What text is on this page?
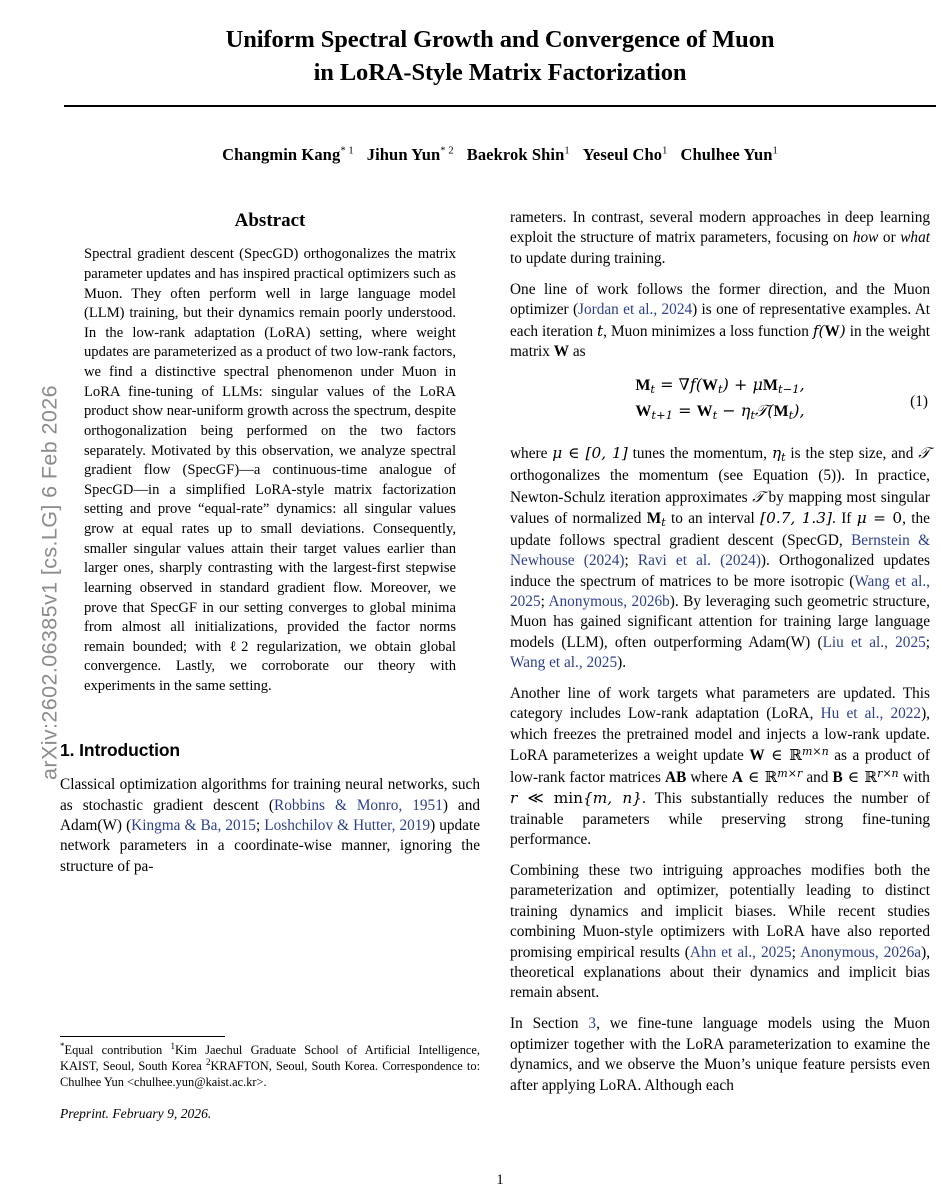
arXiv:2602.06385v1 [cs.LG] 6 Feb 2026
Uniform Spectral Growth and Convergence of Muon
in LoRA-Style Matrix Factorization
Changmin Kang$^{* 1}$ Jihun Yun$^{* 2}$ Baekrok Shin$^1$ Yeseul Cho$^1$ Chulhee Yun$^1$
Abstract
Spectral gradient descent (SpecGD) orthogonalizes the matrix parameter updates and has inspired practical optimizers such as Muon. They often perform well in large language model (LLM) training, but their dynamics remain poorly understood. In the low-rank adaptation (LoRA) setting, where weight updates are parameterized as a product of two low-rank factors, we find a distinctive spectral phenomenon under Muon in LoRA fine-tuning of LLMs: singular values of the LoRA product show near-uniform growth across the spectrum, despite orthogonalization being performed on the two factors separately. Motivated by this observation, we analyze spectral gradient flow (SpecGF)—a continuous-time analogue of SpecGD—in a simplified LoRA-style matrix factorization setting and prove “equal-rate” dynamics: all singular values grow at equal rates up to small deviations. Consequently, smaller singular values attain their target values earlier than larger ones, sharply contrasting with the largest-first stepwise learning observed in standard gradient flow. Moreover, we prove that SpecGF in our setting converges to global minima from almost all initializations, provided the factor norms remain bounded; with ℓ2 regularization, we obtain global convergence. Lastly, we corroborate our theory with experiments in the same setting.
1. Introduction

Classical optimization algorithms for training neural networks, such as stochastic gradient descent (Robbins & Monro, 1951) and Adam(W) (Kingma & Ba, 2015; Loshchilov & Hutter, 2019) update network parameters in a coordinate-wise manner, ignoring the structure of pa-

rameters. In contrast, several modern approaches in deep learning exploit the structure of matrix parameters, focusing on how or what to update during training.

One line of work follows the former direction, and the Muon optimizer (Jordan et al., 2024) is one of representative examples. At each iteration t, Muon minimizes a loss function f(W) in the weight matrix W as

$M_t = \nabla f(W_t) + \mu M_{t-1}$,
$W_{t+1} = W_t$ − $\eta_t𝒯(M_t)$,	(1)

where μ ∈ [0, 1] tunes the momentum, $\eta_t$ is the step size, and 𝒯 orthogonalizes the momentum (see Equation (5)). In practice, Newton-Schulz iteration approximates 𝒯 by mapping most singular values of normalized $M_t$ to an interval [0.7, 1.3]. If μ = 0, the update follows spectral gradient descent (SpecGD, Bernstein & Newhouse (2024); Ravi et al. (2024)). Orthogonalized updates induce the spectrum of matrices to be more isotropic (Wang et al., 2025; Anonymous, 2026b). By leveraging such geometric structure, Muon has gained significant attention for training large language models (LLM), often outperforming Adam(W) (Liu et al., 2025; Wang et al., 2025).

Another line of work targets what parameters are updated. This category includes Low-rank adaptation (LoRA, Hu et al., 2022), which freezes the pretrained model and injects a low-rank update. LoRA parameterizes a weight update W ∈ ℝ$^{m\times n}$ as a product of low-rank factor matrices AB where A ∈ ℝ$^{m\times r}$ and B ∈ ℝ$^{r\times n}$ with r ≪ min{m, n}. This substantially reduces the number of trainable parameters while preserving strong fine-tuning performance.

Combining these two intriguing approaches modifies both the parameterization and optimizer, potentially leading to distinct training dynamics and implicit biases. While recent studies combining Muon-style optimizers with LoRA have also reported promising empirical results (Ahn et al., 2025; Anonymous, 2026a), theoretical explanations about their dynamics and implicit bias remain absent.

In Section 3, we fine-tune language models using the Muon optimizer together with the LoRA parameterization to examine the dynamics, and we observe the Muon’s unique feature persists even after applying LoRA. Although each

*Equal contribution $^1$Kim Jaechul Graduate School of Artificial Intelligence, KAIST, Seoul, South Korea $^2$KRAFTON, Seoul, South Korea. Correspondence to: Chulhee Yun <chulhee.yun@kaist.ac.kr>.

Preprint. February 9, 2026.
1
